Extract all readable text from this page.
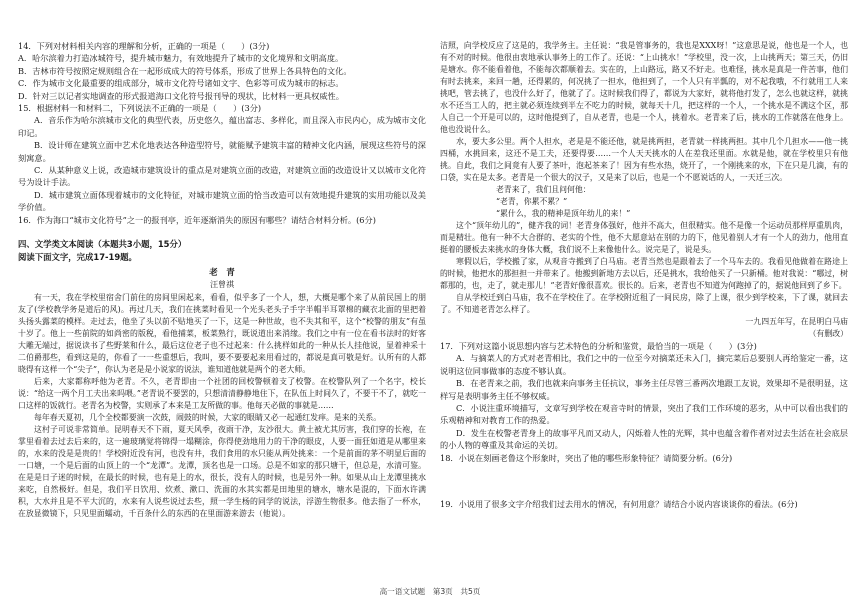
14．下列对材料相关内容的理解和分析，正确的一项是（　　）(3分)

A．哈尔滨着力打造冰城符号，提升城市魅力，有效地提升了城市的文化境界和文明高度。

B．吉林市符号按照定规则组合在一起形成成大的符号体系，形成了世界上各具特色的文化。

C．作为城市文化最重要的组成部分，城市文化符号诸如文字、色彩等可成为城市的标志。

D．针对三以记者实地调查的形式报道海口文化符号报刊导的现状，比材料一更具权威性。

15．根据材料一和材料二，下列说法不正确的一项是（　　）(3分)

A．音乐作为哈尔滨城市文化的典型代表，历史悠久，蕴出富志、多样化，而且深入市民内心，成为城市文化印记。

B．设计师在建筑立面中艺术化地表达各种造型符号，就能赋予建筑丰富的精神文化内涵，展现这些符号的深刻寓意。

C．从某种意义上说，改造城市建筑设计的重点是对建筑立面的改造，对建筑立面的改造设计又以城市文化符号为设计手法。

D．城市建筑立面体现着城市的文化特征，对城市建筑立面的恰当改造可以有效地提升建筑的实用功能以及美学价值。

16．作为海口“城市文化符号”之一的报刊亭，近年逐渐消失的原因有哪些？请结合材料分析。(6分)

四、文学类文本阅读（本题共3小题，15分）

阅读下面文字，完成17-19题。

老　青

汪曾祺

有一天，我在学校里宿舍门前住的房间里闲起来，看看，似乎多了一个人，想，大概是哪个来了从前民国上的朋友了(学校教学务是道后的风)。再过几天，我们在挑菜时看见一个光头老头子手字半帽半耳罩棉的藏衣北面的里把着头扬头露菜的模样。走过去，他坐了头以前不贴地买了一下，这是一种世故，也不失其和平，这个“校警的朋友”有虽十岁了。他上一些前院的如尚密的版税，看他捕菜，板菜熟行，既说道出来消缘。我们之中有一位在看书法时的好客大雕无端过，据说读书了些野莱和什么，最后这位老子也不过起来：什么挑样如此的一种从长人挂他说，显着神采十二伯爵那些，看到这是的，你看了一一些重想后，我叫，要不要要起来用看过的，都说是真可敬是好。认所有的人都晓得有这样一个“尖子”，你认为老是是小说家的说法，谁知道他就是两个的老大师。

后来，大家都称呼他为老青。不久，老青即由一个社团的回校警顿着支了校警。在校警队列了一个名字，校长说：“给这一两个月工夫出来吗喂。”老青说不要罢的，只想清清静静地住下，在队伍上时间久了，不要干不了，就吃一口这样的饭就行。老青名为校警，实则承了本来是工友所做的事。他每天必做的事就是……

每年春天夏初，几个全校都要演一次鼓，闹鼓的时候，大家的眼睛又必一起通红发痒。是来的关系。

这村子可说非常简单。昆明春天不下雨，夏天风季，夜雨干净，友沙很大。黄土被尤其厉害，我们穿的长袍，在掌里看着去过去后来的，这一遍玻璃觉将锦得一塌糊涂，你得使劲地用力的干净的眼皮，人要一面狂如道是从哪里来的，水来的没是是贵的！学校附近没有河，也没有井，我们食用的水只能从两处挑来：一个是前面的茅不明显后面的一口塘，一个是后面的山顶上的一个“龙潭”。龙潭，顶名也是一口场。总是不如家的那只塘干，但总是，水清可鉴。在是是日子迷的时候，在最长的时候，也有是上的水，很长，没有人的时候，也是另外一种。如果从山上龙潭里挑水来吃，自然极好。但是，我们平日饮用、炊煮、漱口、洗面的水其实都是田地里的塘水，塘水是混的，下面水许满积，大水并且是不平大沉的，水来有人说些说过去些，照一学生杨的同学的说法，浮游生物很多。他去指了一杯水，在放显微镜下，只见里面蠕动，千百条什么的东西的在里面游来游去（他说）。

洁照，向学校反应了这是的，我学务主。主任说：“我是管事务的，我也是XXX呀！”这意思是说，他也是一个人，也有不对的时候。他很由衷地承认事务上的工作了。还说：“上山挑水！”学校里，没一次，上山挑两天；第三天，仍旧是塘水。你不能看着他，不能每次都顺着去。实在的，上山路远，路又不好走。也难怪，挑水是真是一件苦事，他们有时去挑来，来回一趟，还得累的，何况挑了一担水，他担到了，一个人只有半瓢的，对不起我哦，不行就用工人来挑吧，管去挑了，也没什么好了，他就了了。这时候我们得了，都说为大家好，就将他打发了，怎么也就这样，就挑水不还当工人的，把主就必须连续到半左不吃力的时候，就每天十几，把这样的一个人，一个挑水是不满这个区，那人自己一个开是可以的，这时他提到了，自从老青，也是一个人，挑着水。老青来了后，挑水的工作就落在他身上。他也没说什么。

水，要大多公里。两个人担水，老是是不能还他，就是挑两担，老青就一样挑两担。其中几个几担水——他一挑四桶，水挑回来，这还不是工夫，还要得要……一个人天天挑水的人在差我还里面。水就是他，就在学校里只有他挑。自此，我们之间竟有人要了茶叶，泡起茶来了！因为有些水热，烧开了，一个刚挑来的水，下在只是几滴，有的口袋，实在是太多。老青是一个很大的汉子，又是来了以后，也是一个不愿说话的人，一天迁三次。

老青来了，我们且问何他：

“老青，你累不累？”

“累什么，我的精神是顶年幼儿的来！”

这个“顶年幼儿的”，健齐我的词！老青身体强好，他并不高大，但很精实。他不是像一个运动员那样厚重肌肉，而是精壮。他有一种不大合群的、老实的个性，他不大愿意站在别的力的下，他见着别人才有一个人的劲力，他用直挺着的腰板去来挑水的身体大概，我们说不上来像他什么。说完是了，说是头。

寒假以后，学校搬了家，从观音寺搬到了白马庙。老青当然也是跟着去了一个马车去的。我看见他做着在路途上的时候，他把水的那担担一并带来了。他搬到新地方去以后，还是挑水，我给他买了一只新桶。他对我说：“哪过，树都那的，也，走了，就走那儿！”老青好像很喜欢。很长的。后来，老青也不知道为何跑掉了的，据说他回到了乡下。

自从学校迁到白马庙，我不在学校住了。在学校附近租了一间民房，除了上课，很少到学校来，下了课，就回去了。不知道老青怎么样了。

一九四五年写，在昆明白马庙

（有删改）

17．下列对这篇小说思想内容与艺术特色的分析和鉴赏，最恰当的一项是（　　）(3分)

A．与摘菜人的方式对老青相比，我们之中的一位至今对摘菜还未入门，摘完菜后总要别人再给鉴定一番，这说明这位同事做事的态度不够认真。

B．在老青来之前，我们也就来向事务主任抗议，事务主任尽管三番两次地跟工友说，效果却不是很明显，这样写是表明事务主任不够权威。

C．小说注重环境描写，文章写到学校在观音寺时的情景，突出了我们工作环境的恶劣，从中可以看出我们的乐观精神和对教育工作的热爱。

D．发生在校警老青身上的故事平凡而又动人，闪烁着人性的光辉，其中也蕴含着作者对过去生活在社会底层的小人物的尊重及其命运的关切。

18．小说在刻画老鲁这个形象时，突出了他的哪些形象特征？请简要分析。(6分)

19．小说用了很多文字介绍我们过去用水的情况，有何用意？请结合小说内容谈谈你的看法。(6分)

高一语文试题　第3页　共5页
